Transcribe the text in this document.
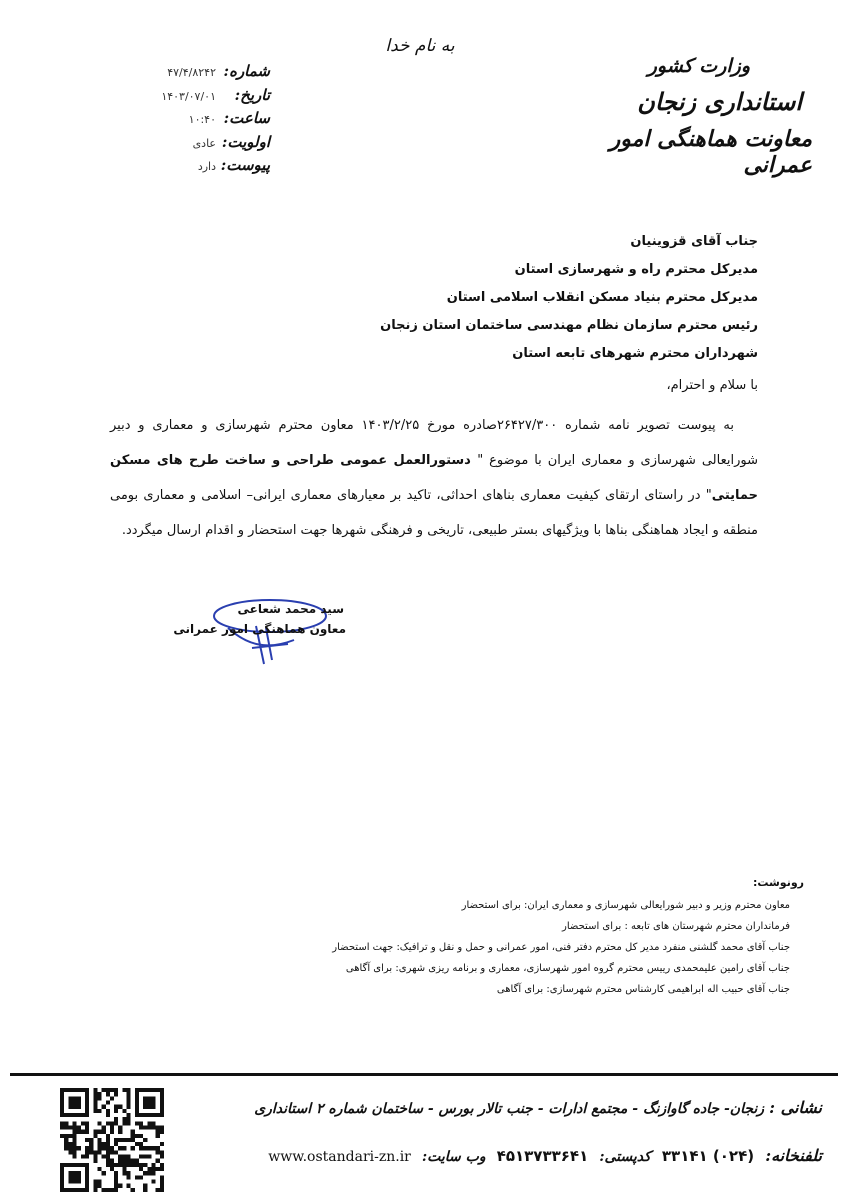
به نام خدا
وزارت کشور
استانداری زنجان
معاونت هماهنگی امور عمرانی
شماره:
۴۷/۴/۸۲۴۲
تاریخ:
۱۴۰۳/۰۷/۰۱
ساعت:
۱۰:۴۰
اولویت:
عادی
پیوست:
دارد
جناب آقای قزوینیان
مدیرکل محترم راه و شهرسازی استان
مدیرکل محترم بنیاد مسکن انقلاب اسلامی استان
رئیس محترم سازمان نظام مهندسی ساختمان استان زنجان
شهرداران محترم شهرهای تابعه استان
با سلام و احترام،
به پیوست تصویر نامه شماره ۲۶۴۲۷/۳۰۰صادره مورخ ۱۴۰۳/۲/۲۵ معاون محترم شهرسازی و معماری و دبیر شورایعالی شهرسازی و معماری ایران با موضوع " دستورالعمل عمومی طراحی و ساخت طرح های مسکن حمایتی" در راستای ارتقای کیفیت معماری بناهای احداثی، تاکید بر معیارهای معماری ایرانی– اسلامی و معماری بومی منطقه و ایجاد هماهنگی بناها با ویژگیهای بستر طبیعی، تاریخی و فرهنگی شهرها جهت استحضار و اقدام ارسال میگردد.
سید محمد شعاعی
معاون هماهنگی امور عمرانی
رونوشت:
معاون محترم وزیر و دبیر شورایعالی شهرسازی و معماری ایران: برای استحضار
فرمانداران محترم شهرستان های تابعه : برای استحضار
جناب آقای محمد گلشنی منفرد مدیر کل محترم دفتر فنی، امور عمرانی و حمل و نقل و ترافیک: جهت استحضار
جناب آقای رامین علیمحمدی رییس محترم گروه امور شهرسازی، معماری و برنامه ریزی شهری: برای آگاهی
جناب آقای حبیب اله ابراهیمی کارشناس محترم شهرسازی: برای آگاهی
نشانی : زنجان- جاده گاوازنگ - مجتمع ادارات - جنب تالار بورس - ساختمان شماره ۲ استانداری
تلفنخانه: (۰۲۴) ۳۳۱۴۱ کدپستی: ۴۵۱۳۷۳۳۶۴۱ وب سایت: www.ostandari-zn.ir
